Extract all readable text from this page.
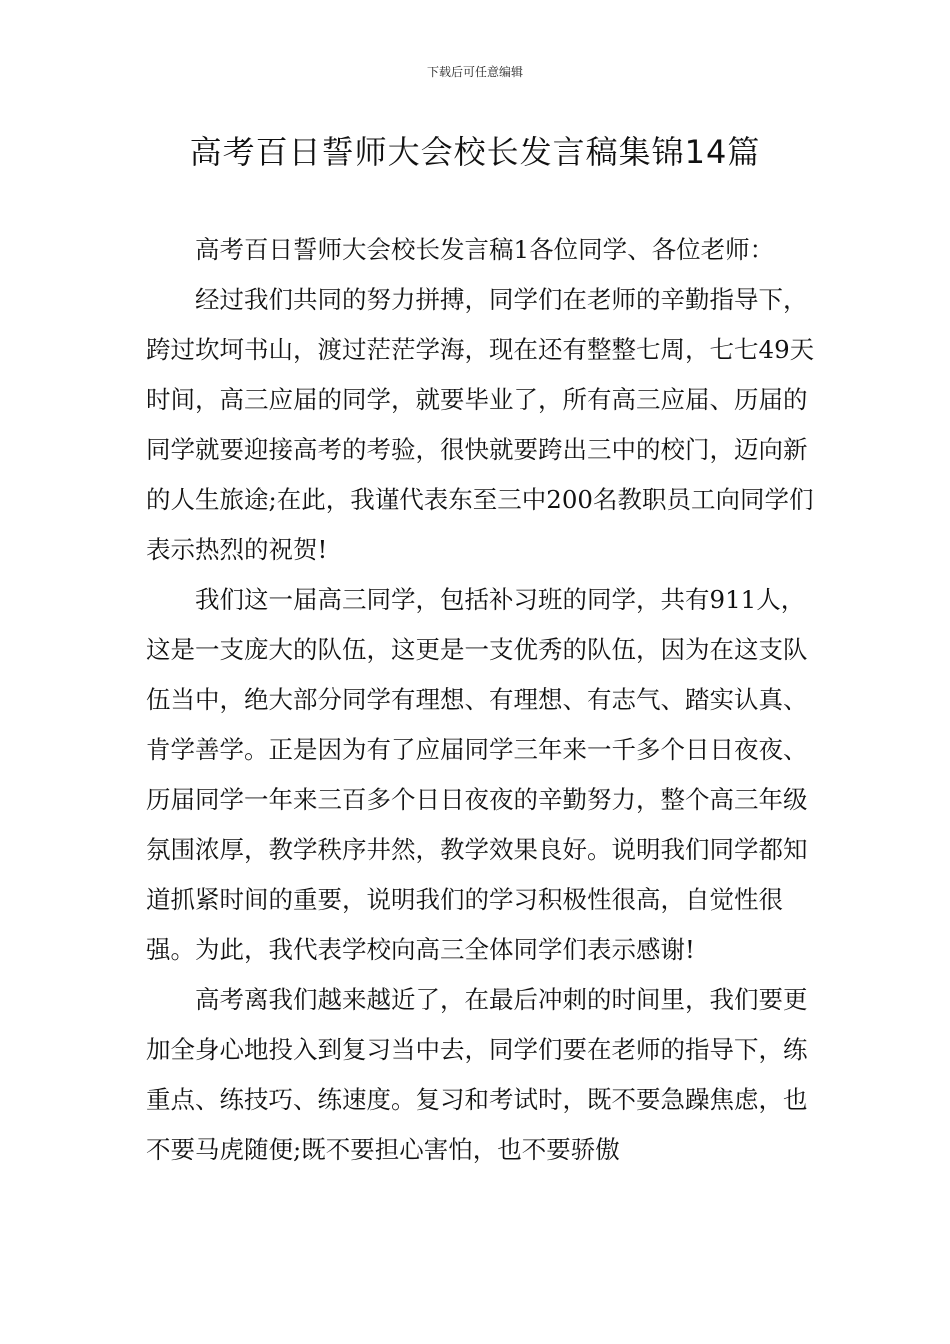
下载后可任意编辑
高考百日誓师大会校长发言稿集锦14篇

高考百日誓师大会校长发言稿1各位同学、各位老师：

经过我们共同的努力拼搏，同学们在老师的辛勤指导下，跨过坎坷书山，渡过茫茫学海，现在还有整整七周，七七49天时间，高三应届的同学，就要毕业了，所有高三应届、历届的同学就要迎接高考的考验，很快就要跨出三中的校门，迈向新的人生旅途;在此，我谨代表东至三中200名教职员工向同学们表示热烈的祝贺!

我们这一届高三同学，包括补习班的同学，共有911人，这是一支庞大的队伍，这更是一支优秀的队伍，因为在这支队伍当中，绝大部分同学有理想、有理想、有志气、踏实认真、肯学善学。正是因为有了应届同学三年来一千多个日日夜夜、历届同学一年来三百多个日日夜夜的辛勤努力，整个高三年级氛围浓厚，教学秩序井然，教学效果良好。说明我们同学都知道抓紧时间的重要，说明我们的学习积极性很高，自觉性很强。为此，我代表学校向高三全体同学们表示感谢!

高考离我们越来越近了，在最后冲刺的时间里，我们要更加全身心地投入到复习当中去，同学们要在老师的指导下，练重点、练技巧、练速度。复习和考试时，既不要急躁焦虑，也不要马虎随便;既不要担心害怕，也不要骄傲
